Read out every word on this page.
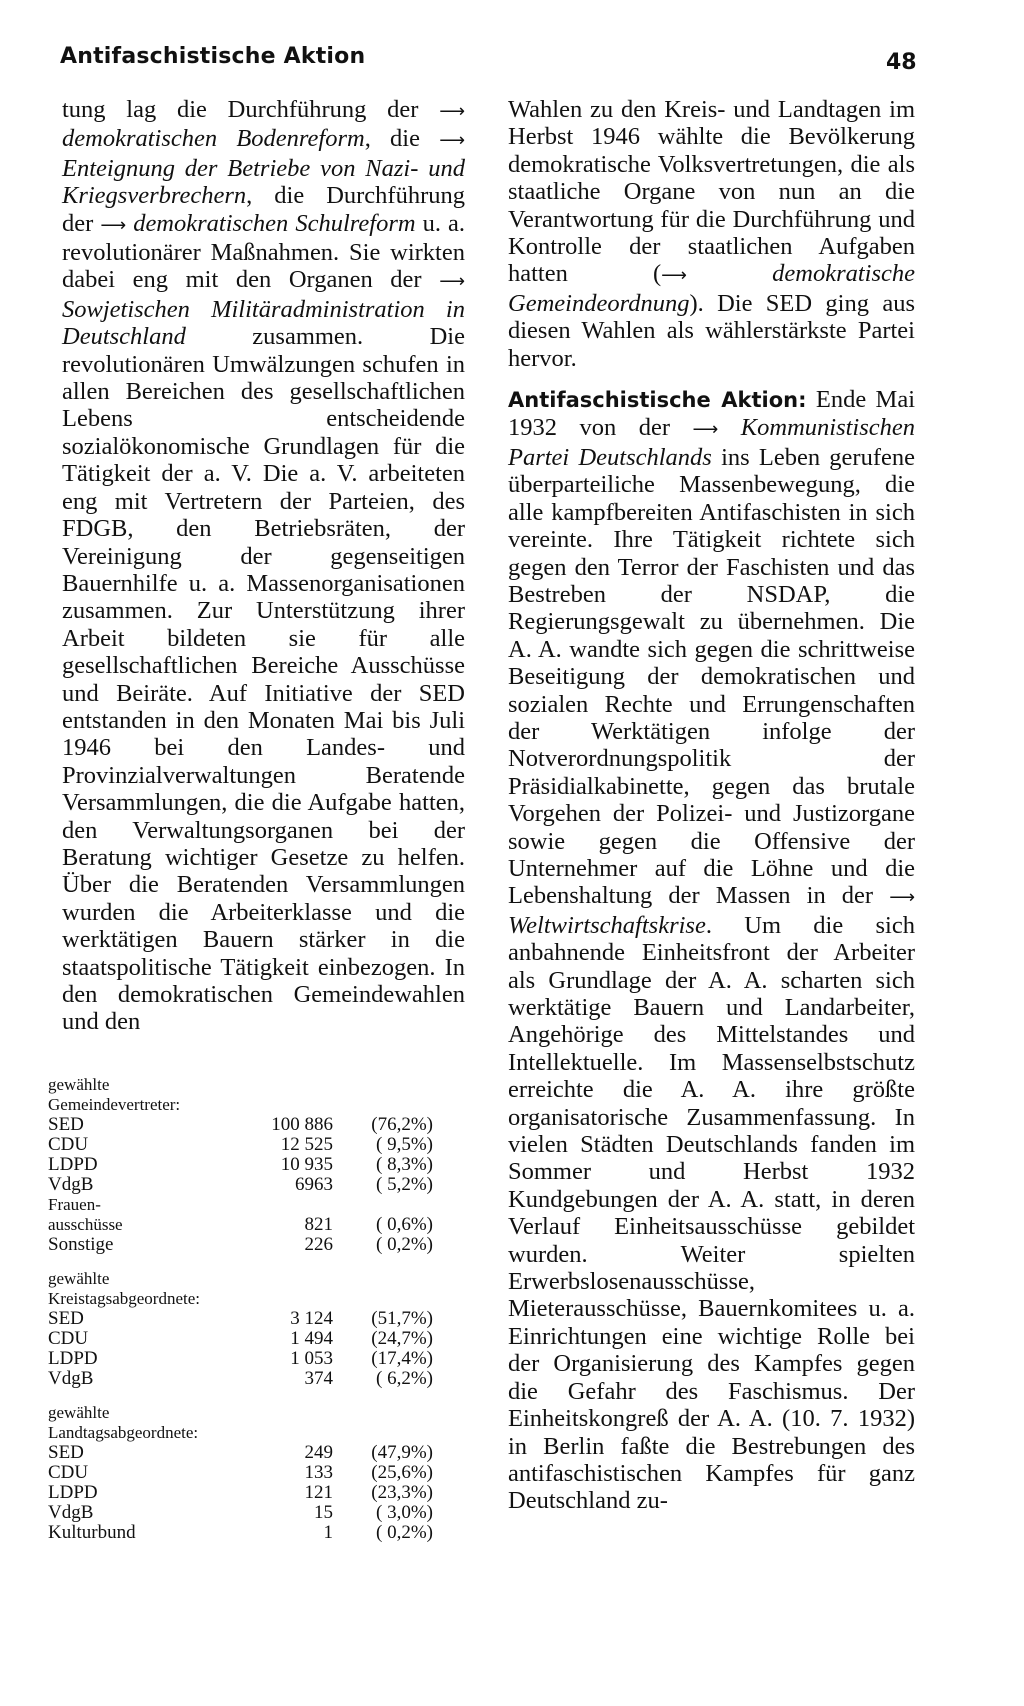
Antifaschistische Aktion	48

tung lag die Durchführung der ⟶ demokratischen Bodenreform, die ⟶ Enteignung der Betriebe von Nazi- und Kriegsverbrechern, die Durchführung der ⟶ demokratischen Schulreform u. a. revolutionärer Maßnahmen. Sie wirkten dabei eng mit den Organen der ⟶ Sowjetischen Militäradministration in Deutschland zusammen. Die revolutionären Umwälzungen schufen in allen Bereichen des gesellschaftlichen Lebens entscheidende sozialökonomische Grundlagen für die Tätigkeit der a. V. Die a. V. arbeiteten eng mit Vertretern der Parteien, des FDGB, den Betriebsräten, der Vereinigung der gegenseitigen Bauernhilfe u. a. Massenorganisationen zusammen. Zur Unterstützung ihrer Arbeit bildeten sie für alle gesellschaftlichen Bereiche Ausschüsse und Beiräte. Auf Initiative der SED entstanden in den Monaten Mai bis Juli 1946 bei den Landes- und Provinzialverwaltungen Beratende Versammlungen, die die Aufgabe hatten, den Verwaltungsorganen bei der Beratung wichtiger Gesetze zu helfen. Über die Beratenden Versammlungen wurden die Arbeiterklasse und die werktätigen Bauern stärker in die staatspolitische Tätigkeit einbezogen. In den demokratischen Gemeindewahlen und den

Wahlen zu den Kreis- und Landtagen im Herbst 1946 wählte die Bevölkerung demokratische Volksvertretungen, die als staatliche Organe von nun an die Verantwortung für die Durchführung und Kontrolle der staatlichen Aufgaben hatten (⟶	demokratische Gemeindeordnung). Die SED ging aus diesen Wahlen als wählerstärkste Partei hervor.

Antifaschistische Aktion: Ende Mai 1932 von der ⟶ Kommunistischen Partei Deutschlands ins Leben gerufene überparteiliche Massenbewegung, die alle kampfbereiten Antifaschisten in sich vereinte. Ihre Tätigkeit richtete sich gegen den Terror der Faschisten und das Bestreben der NSDAP, die Regierungsgewalt zu übernehmen. Die A. A. wandte sich gegen die schrittweise Beseitigung der demokratischen und sozialen Rechte und Errungenschaften der Werktätigen infolge der Notverordnungspolitik der Präsidialkabinette, gegen das brutale Vorgehen der Polizei- und Justizorgane sowie gegen die Offensive der Unternehmer auf die Löhne und die Lebenshaltung der Massen in der ⟶ Weltwirtschaftskrise. Um die sich anbahnende Einheitsfront der Arbeiter als Grundlage der A. A. scharten sich werktätige Bauern und Landarbeiter, Angehörige des Mittelstandes und Intellektuelle. Im Massenselbstschutz erreichte die A. A. ihre größte organisatorische Zusammenfassung. In vielen Städten Deutschlands fanden im Sommer und Herbst 1932 Kundgebungen der A. A. statt, in deren Verlauf Einheitsausschüsse gebildet wurden. Weiter spielten Erwerbslosenausschüsse, Mieterausschüsse, Bauernkomitees u. a. Einrichtungen eine wichtige Rolle bei der Organisierung des Kampfes gegen die Gefahr des Faschismus. Der Einheitskongreß der A. A. (10. 7. 1932) in Berlin faßte die Bestrebungen des antifaschistischen Kampfes für ganz Deutschland zu-

gewählte
Gemeindevertreter:
SED	100 886	(76,2%)
CDU	12 525	( 9,5%)
LDPD	10 935	( 8,3%)
VdgB	6963	( 5,2%)
Frauen-
ausschüsse	821	( 0,6%)
Sonstige	226	( 0,2%)
gewählte
Kreistagsabgeordnete:
SED	3 124	(51,7%)
CDU	1 494	(24,7%)
LDPD	1 053	(17,4%)
VdgB	374	( 6,2%)
gewählte
Landtagsabgeordnete:
SED	249	(47,9%)
CDU	133	(25,6%)
LDPD	121	(23,3%)
VdgB	15	( 3,0%)
Kulturbund	1	( 0,2%)
